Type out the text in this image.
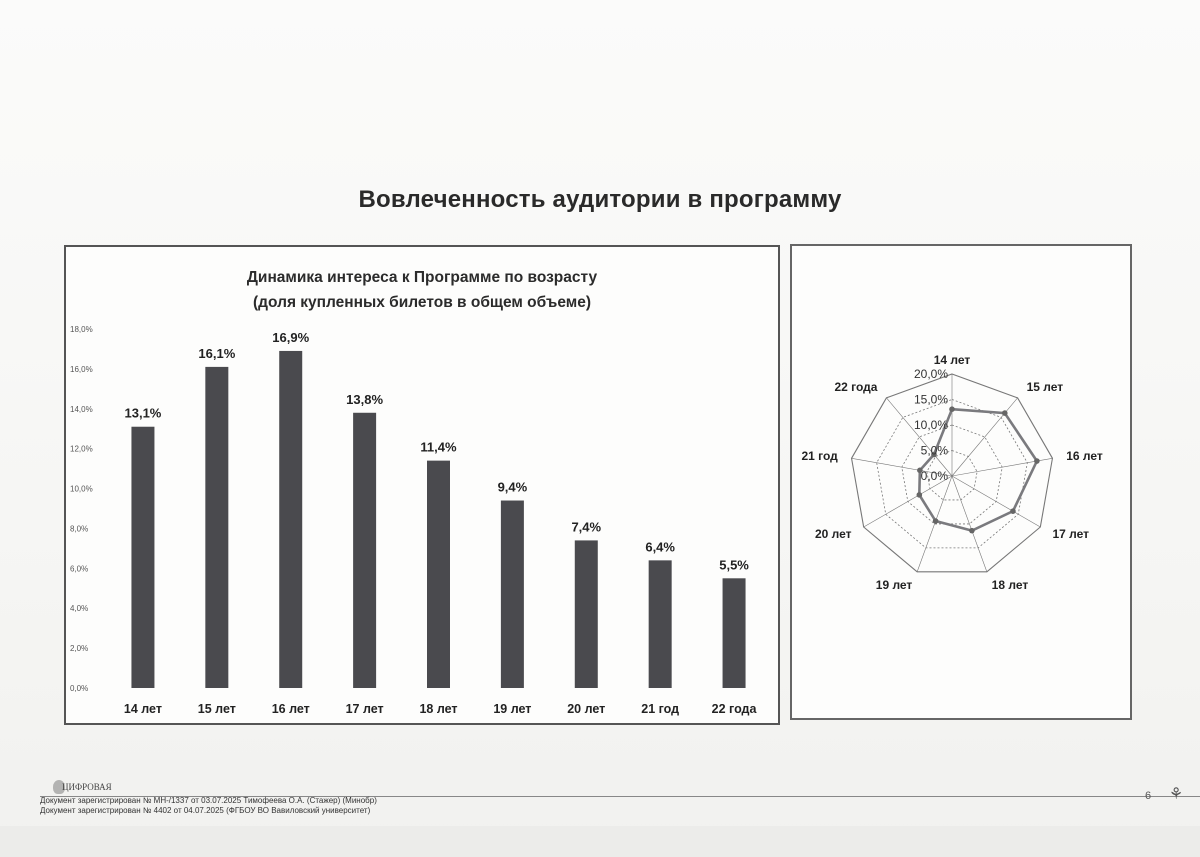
Вовлеченность аудитории в программу
Динамика интереса к Программе по возрасту
(доля купленных билетов в общем объеме)
0,0%
2,0%
4,0%
6,0%
8,0%
10,0%
12,0%
14,0%
16,0%
18,0%
13,1%
14 лет
16,1%
15 лет
16,9%
16 лет
13,8%
17 лет
11,4%
18 лет
9,4%
19 лет
7,4%
20 лет
6,4%
21 год
5,5%
22 года
0,0%
5,0%
10,0%
15,0%
20,0%
14 лет
15 лет
16 лет
17 лет
18 лет
19 лет
20 лет
21 год
22 года
ЦИФРОВАЯ
Документ зарегистрирован № МН-/1337 от 03.07.2025 Тимофеева О.А. (Стажер) (Минобр)
Документ зарегистрирован № 4402 от 04.07.2025 (ФГБОУ ВО Вавиловский университет)
6 ⚘
